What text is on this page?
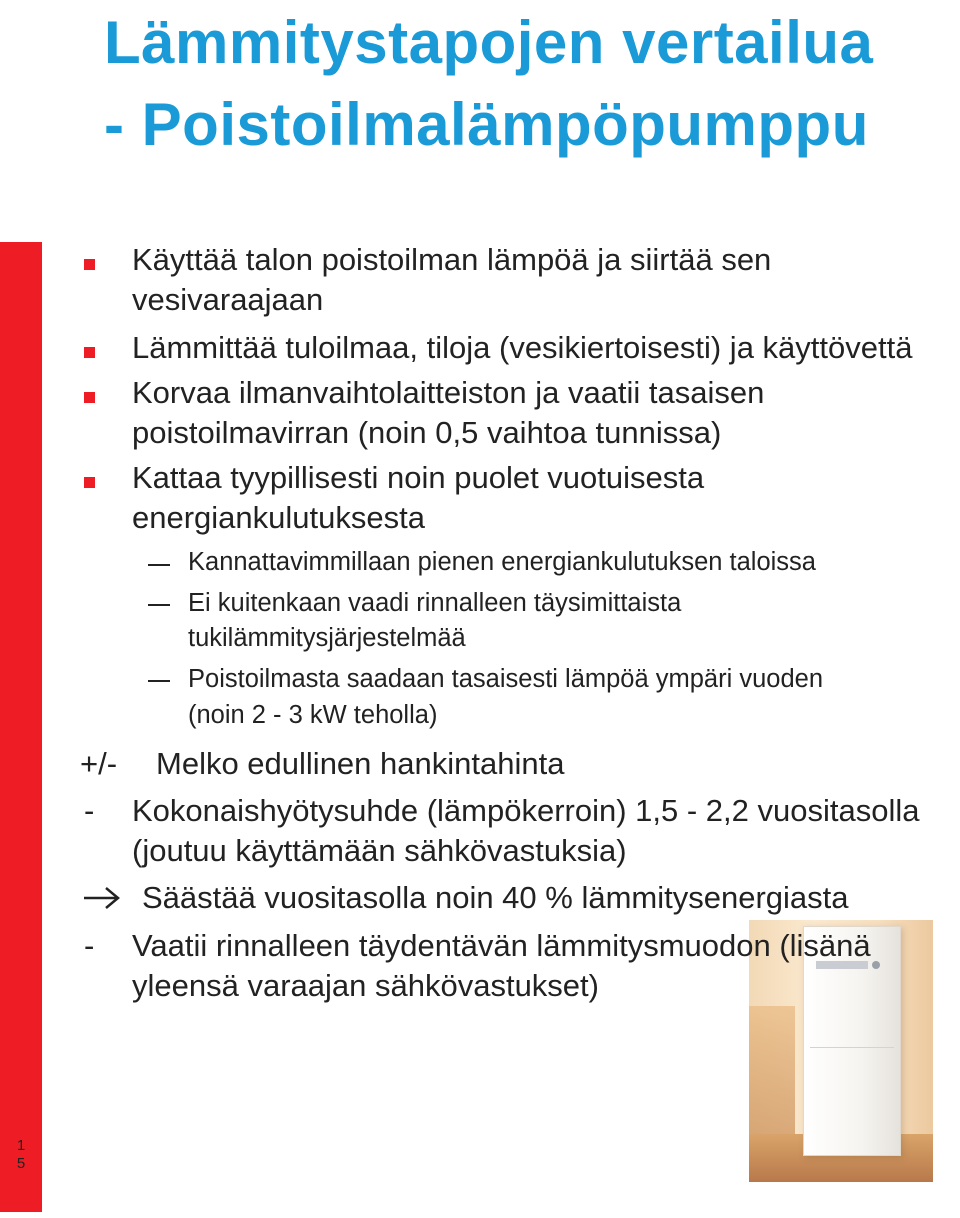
Lämmitystapojen vertailua
- Poistoilmalämpöpumppu
15
Käyttää talon poistoilman lämpöä ja siirtää sen
vesivaraajaan
Lämmittää tuloilmaa, tiloja (vesikiertoisesti) ja käyttövettä
Korvaa ilmanvaihtolaitteiston ja vaatii tasaisen
poistoilmavirran (noin 0,5 vaihtoa tunnissa)
Kattaa tyypillisesti noin puolet vuotuisesta
energiankulutuksesta
Kannattavimmillaan pienen energiankulutuksen taloissa
Ei kuitenkaan vaadi rinnalleen täysimittaista
tukilämmitysjärjestelmää
Poistoilmasta saadaan tasaisesti lämpöä ympäri vuoden
(noin 2 - 3 kW teholla)
+/- Melko edullinen hankintahinta
- Kokonaishyötysuhde (lämpökerroin) 1,5 - 2,2 vuositasolla
(joutuu käyttämään sähkövastuksia)
Säästää vuositasolla noin 40 % lämmitysenergiasta
- Vaatii rinnalleen täydentävän lämmitysmuodon (lisänä
yleensä varaajan sähkövastukset)
